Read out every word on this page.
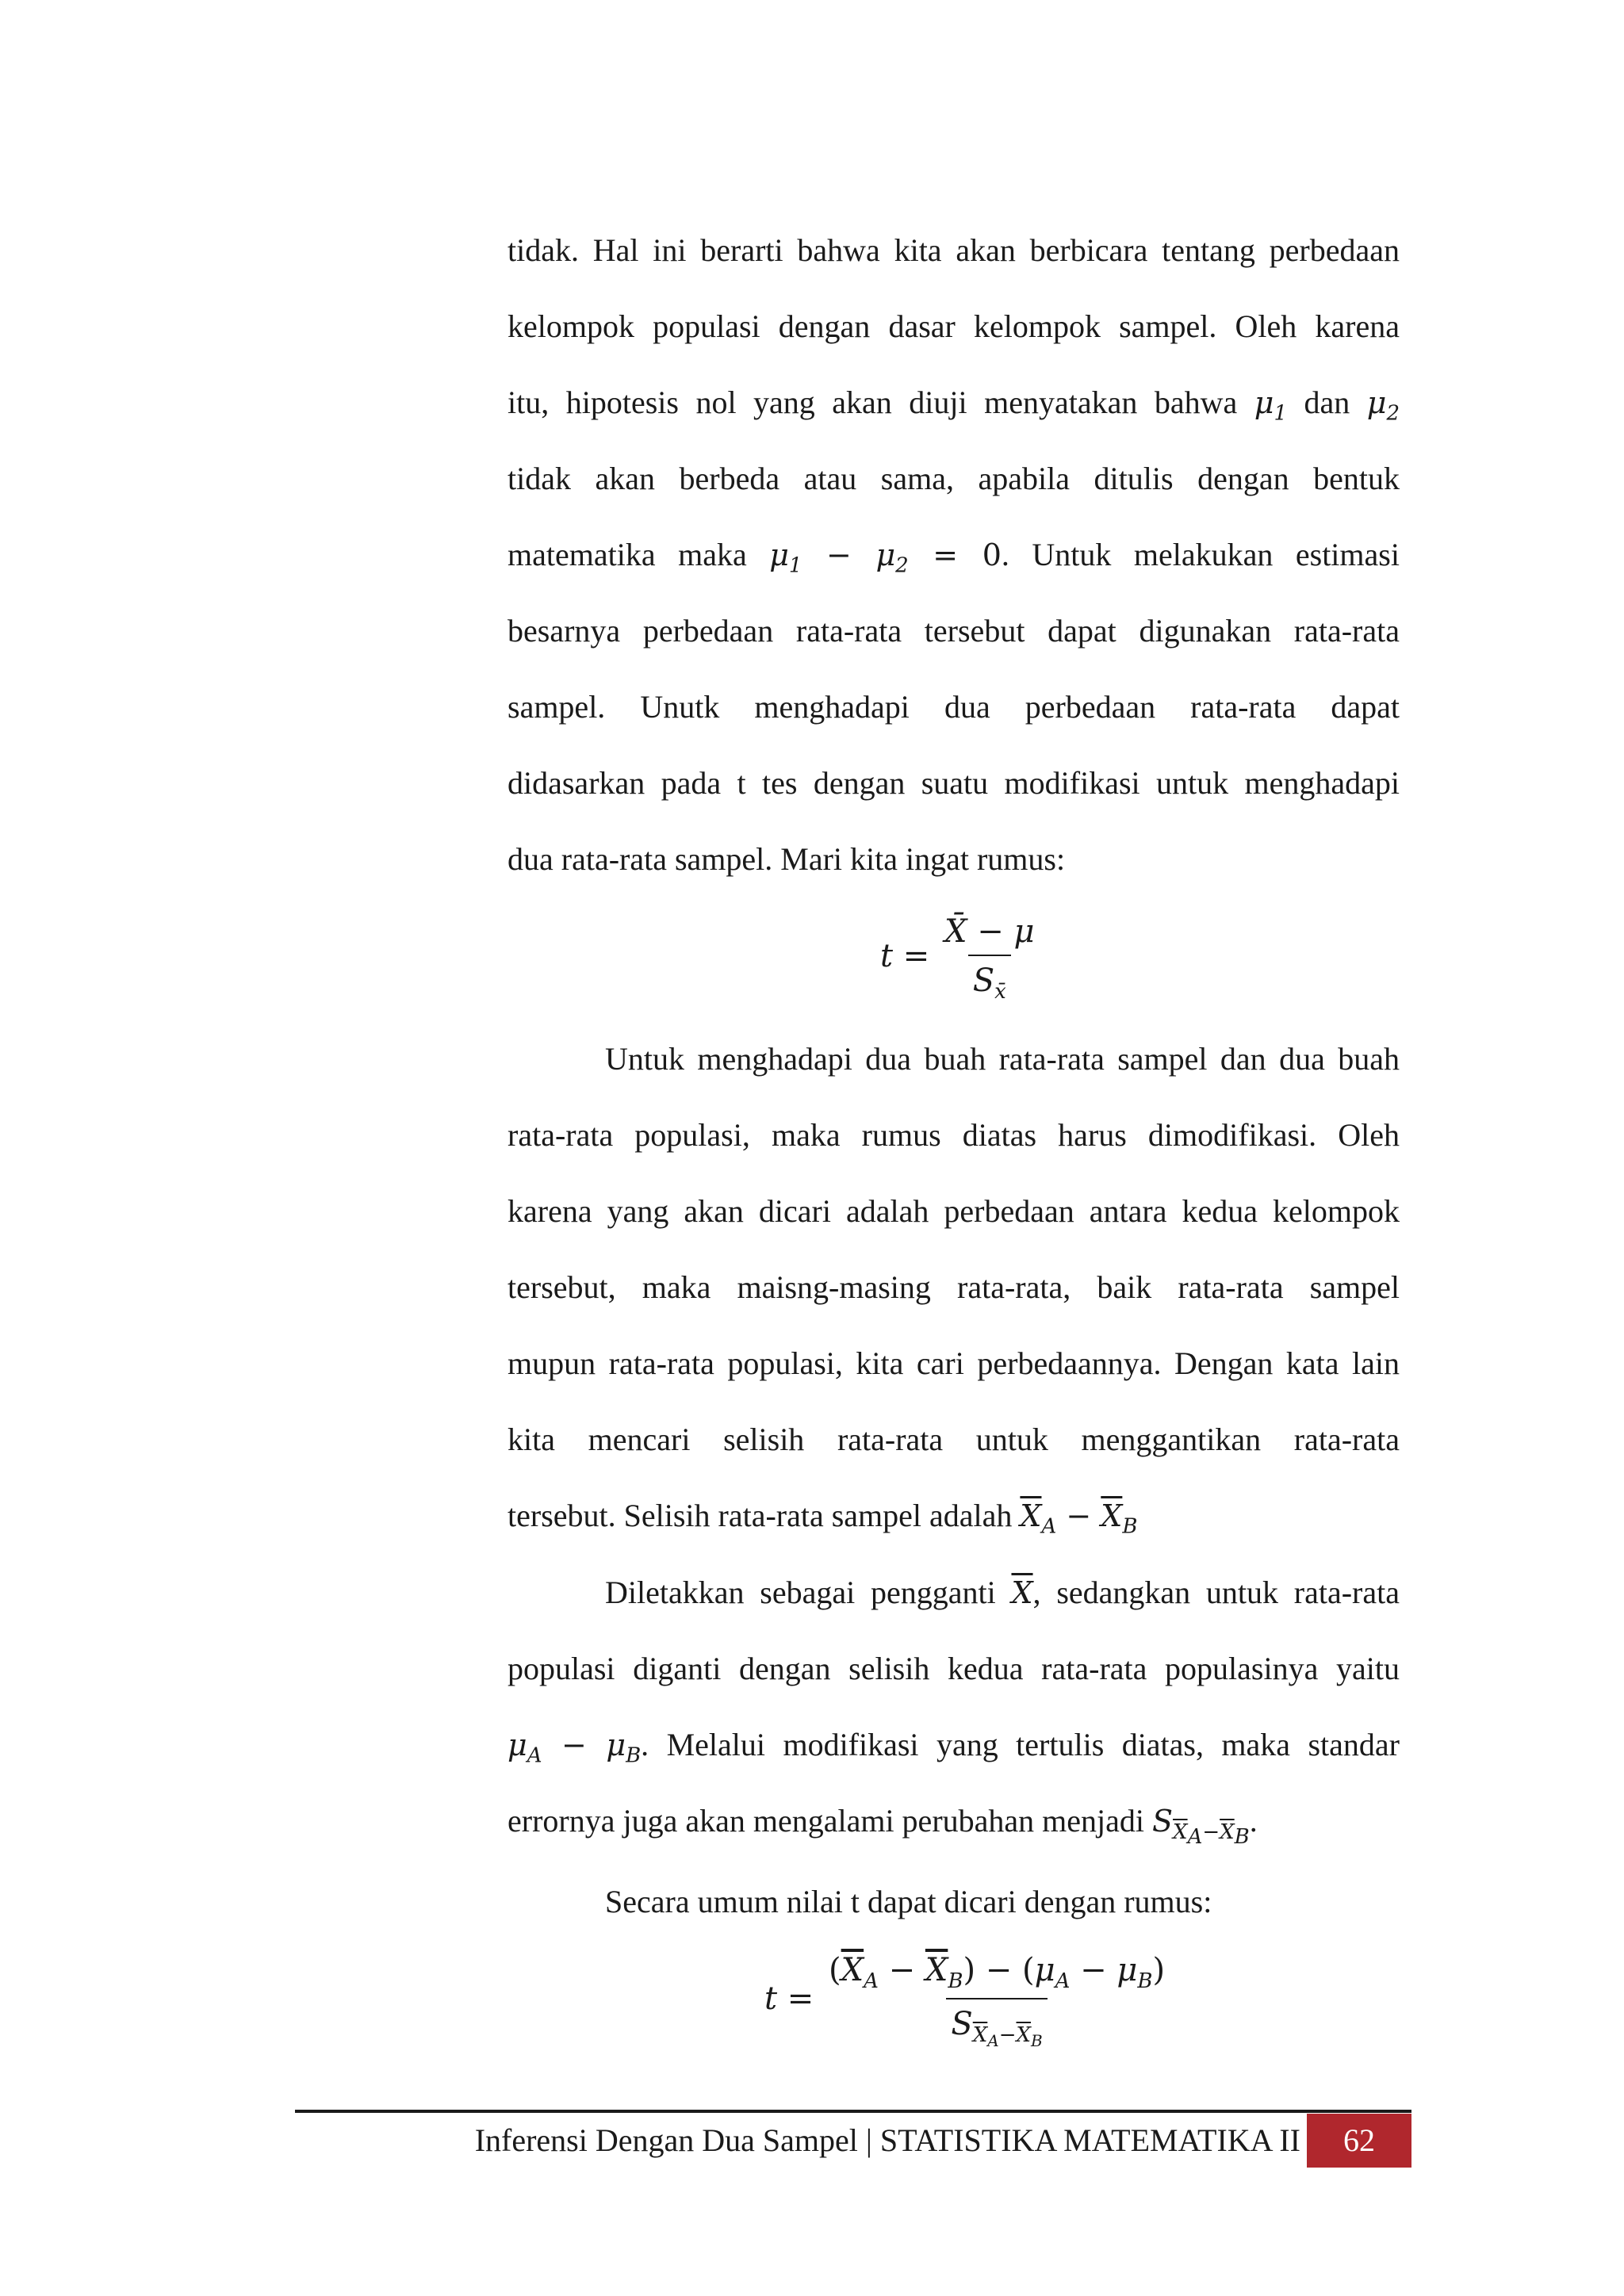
tidak. Hal ini berarti bahwa kita akan berbicara tentang perbedaan
kelompok populasi dengan dasar kelompok sampel. Oleh karena
itu, hipotesis nol yang akan diuji menyatakan bahwa $\mu_1$ dan $\mu_2$
tidak akan berbeda atau sama, apabila ditulis dengan bentuk
matematika maka $\mu_1 - \mu_2 = 0$. Untuk melakukan estimasi
besarnya perbedaan rata-rata tersebut dapat digunakan rata-rata
sampel. Unutk menghadapi dua perbedaan rata-rata dapat
didasarkan pada t tes dengan suatu modifikasi untuk menghadapi
dua rata-rata sampel. Mari kita ingat rumus:
$t = \frac{X̄ - \mu}{S_{x̄}}$
Untuk menghadapi dua buah rata-rata sampel dan dua buah
rata-rata populasi, maka rumus diatas harus dimodifikasi. Oleh
karena yang akan dicari adalah perbedaan antara kedua kelompok
tersebut, maka maisng-masing rata-rata, baik rata-rata sampel
mupun rata-rata populasi, kita cari perbedaannya. Dengan kata lain
kita mencari selisih rata-rata untuk menggantikan rata-rata
tersebut. Selisih rata-rata sampel adalah $\overline{X}_A - \overline{X}_B$
Diletakkan sebagai pengganti $\overline{X}$, sedangkan untuk rata-rata
populasi diganti dengan selisih kedua rata-rata populasinya yaitu
$\mu_A - \mu_B$. Melalui modifikasi yang tertulis diatas, maka standar
errornya juga akan mengalami perubahan menjadi $S_{\overline{X}_A-\overline{X}_B}$.
Secara umum nilai t dapat dicari dengan rumus:
$t = \frac{(\overline{X}_A - \overline{X}_B) - (\mu_A - \mu_B)}{S_{\overline{X}_A-\overline{X}_B}}$
Inferensi Dengan Dua Sampel | STATISTIKA MATEMATIKA II	62
